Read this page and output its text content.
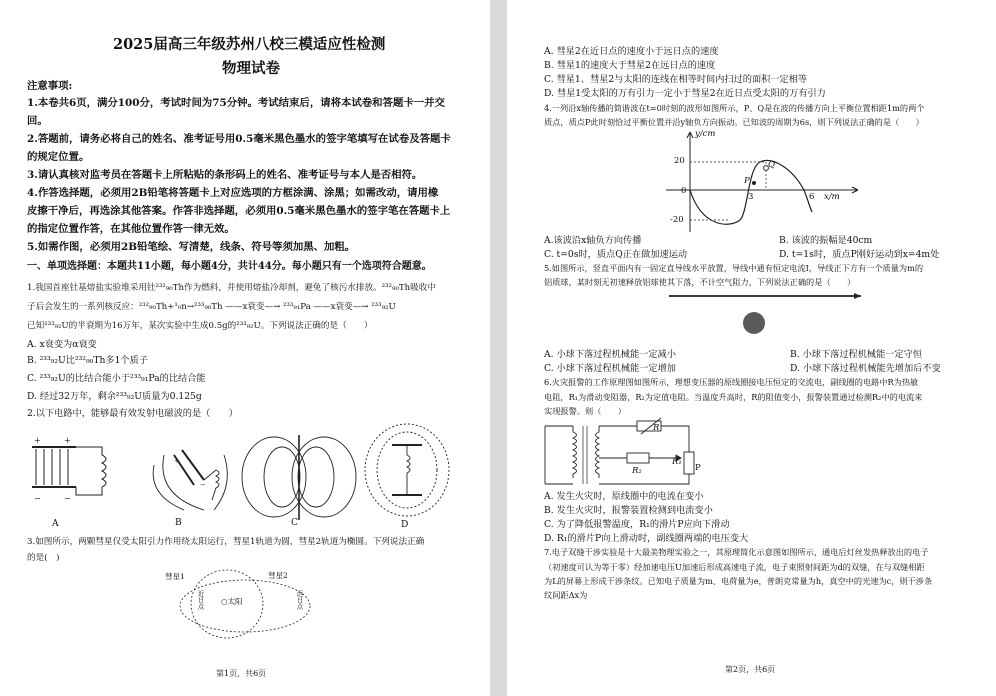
2025届高三年级苏州八校三模适应性检测
物理试卷
注意事项:
1.本卷共6页，满分100分，考试时间为75分钟。考试结束后，请将本试卷和答题卡一并交
回。
2.答题前，请务必将自己的姓名、准考证号用0.5毫米黑色墨水的签字笔填写在试卷及答题卡
的规定位置。
3.请认真核对监考员在答题卡上所粘贴的条形码上的姓名、准考证号与本人是否相符。
4.作答选择题，必须用2B铅笔将答题卡上对应选项的方框涂满、涂黑；如需改动，请用橡
皮擦干净后，再选涂其他答案。作答非选择题，必须用0.5毫米黑色墨水的签字笔在答题卡上
的指定位置作答，在其他位置作答一律无效。
5.如需作图，必须用2B铅笔绘、写清楚，线条、符号等须加黑、加粗。
一、单项选择题：本题共11小题，每小题4分，共计44分。每小题只有一个选项符合题意。
1.我国首座钍基熔盐实验堆采用钍²³²₉₀Th作为燃料，并使用熔盐冷却剂，避免了核污水排放。²³²₉₀Th吸收中
子后会发生的一系列核反应：²³²₉₀Th+¹₀n→²³³₉₀Th ——x衰变—→ ²³³₉₁Pa ——x衰变—→ ²³³₉₂U
已知²³³₉₂U的半衰期为16万年，某次实验中生成0.5g的²³³₉₂U。下列说法正确的是（　　）
A. x衰变为α衰变
B. ²³³₉₂U比²³²₉₀Th多1个质子
C. ²³³₉₂U的比结合能小于²³³₉₁Pa的比结合能
D. 经过32万年，剩余²³³₉₂U质量为0.125g
2.以下电路中，能够最有效发射电磁波的是（　　）
+	+
−	−
+
−
A	B	C	D
3.如图所示，两颗彗星仅受太阳引力作用绕太阳运行，彗星1轨道为圆，彗星2轨道为椭圆。下列说法正确
的是(　)
彗星1	彗星2
○太阳
近日点	远日点
第1页，共6页
A. 彗星2在近日点的速度小于远日点的速度
B. 彗星1的速度大于彗星2在远日点的速度
C. 彗星1、彗星2与太阳的连线在相等时间内扫过的面积一定相等
D. 彗星1受太阳的万有引力一定小于彗星2在近日点受太阳的万有引力
4.一列沿x轴传播的简谐波在t=0时刻的波形如图所示，P、Q是在波的传播方向上平衡位置相距1m的两个
质点，质点P此时刻恰过平衡位置并沿y轴负方向振动。已知波的周期为6s，则下列说法正确的是（　　）
y/cm
x/m
20
-20
3	6
0
P
Q
A.该波沿x轴负方向传播	B. 该波的振幅是40cm
C. t=0s时，质点Q正在做加速运动	D. t=1s时，质点P刚好运动到x=4m处
5.如图所示，竖直平面内有一固定直导线水平放置，导线中通有恒定电流I，导线正下方有一个质量为m的
铝质球，某时刻无初速释放铝球使其下落，不计空气阻力，下列说法正确的是（　　）
A. 小球下落过程机械能一定减小	B. 小球下落过程机械能一定守恒
C. 小球下落过程机械能一定增加	D. 小球下落过程机械能先增加后不变
6.火灾报警的工作原理图如图所示，理想变压器的原线圈接电压恒定的交流电，副线圈的电路中R为热敏
电阻，R₁为滑动变阻器，R₂为定值电阻。当温度升高时，R的阻值变小，报警装置通过检测R₂中的电流来
实现报警。则（　　）
R
R₁
R₂	P
A. 发生火灾时，原线圈中的电流在变小
B. 发生火灾时，报警装置检测到电流变小
C. 为了降低报警温度，R₁的滑片P应向下滑动
D. R₁的滑片P向上滑动时，副线圈两端的电压变大
7.电子双缝干涉实验是十大最美物理实验之一，其原理简化示意图如图所示，通电后灯丝发热释放出的电子
（初速度可认为等于零）经加速电压U加速后形成高速电子流，电子束照射间距为d的双缝，在与双缝相距
为L的屏幕上形成干涉条纹。已知电子质量为m、电荷量为e，普朗克常量为h，真空中的光速为c，则干涉条
纹间距Δx为
第2页，共6页
